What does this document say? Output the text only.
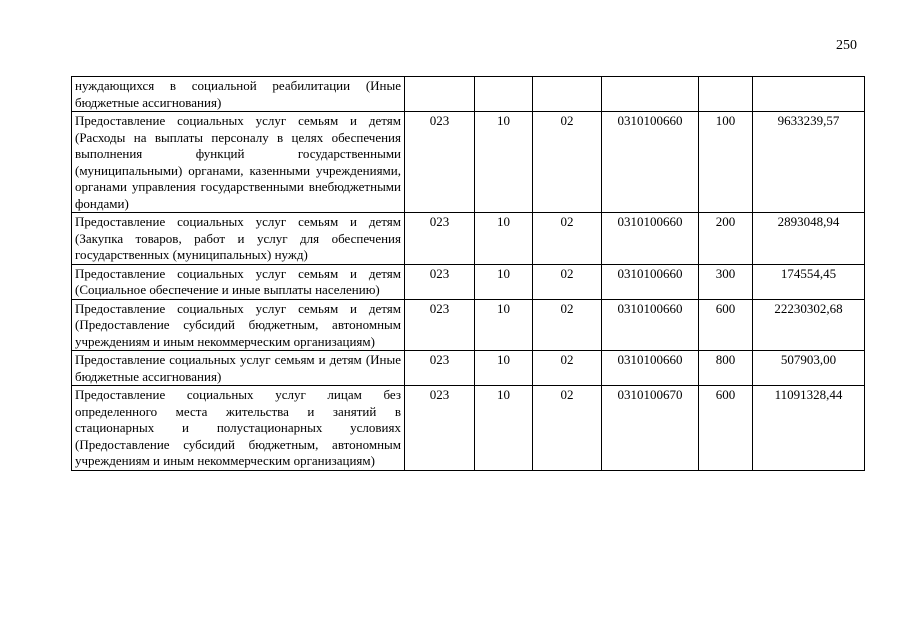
250
нуждающихся в социальной реабилитации (Иные бюджетные ассигнования)						
Предоставление социальных услуг семьям и детям (Расходы на выплаты персоналу в целях обеспечения выполнения функций государственными (муниципальными) органами, казенными учреждениями, органами управления государственными внебюджетными фондами)	023	10	02	0310100660	100	9633239,57
Предоставление социальных услуг семьям и детям (Закупка товаров, работ и услуг для обеспечения государственных (муниципальных) нужд)	023	10	02	0310100660	200	2893048,94
Предоставление социальных услуг семьям и детям (Социальное обеспечение и иные выплаты населению)	023	10	02	0310100660	300	174554,45
Предоставление социальных услуг семьям и детям (Предоставление субсидий бюджетным, автономным учреждениям и иным некоммерческим организациям)	023	10	02	0310100660	600	22230302,68
Предоставление социальных услуг семьям и детям (Иные бюджетные ассигнования)	023	10	02	0310100660	800	507903,00
Предоставление социальных услуг лицам без определенного места жительства и занятий в стационарных и полустационарных условиях (Предоставление субсидий бюджетным, автономным учреждениям и иным некоммерческим организациям)	023	10	02	0310100670	600	11091328,44
